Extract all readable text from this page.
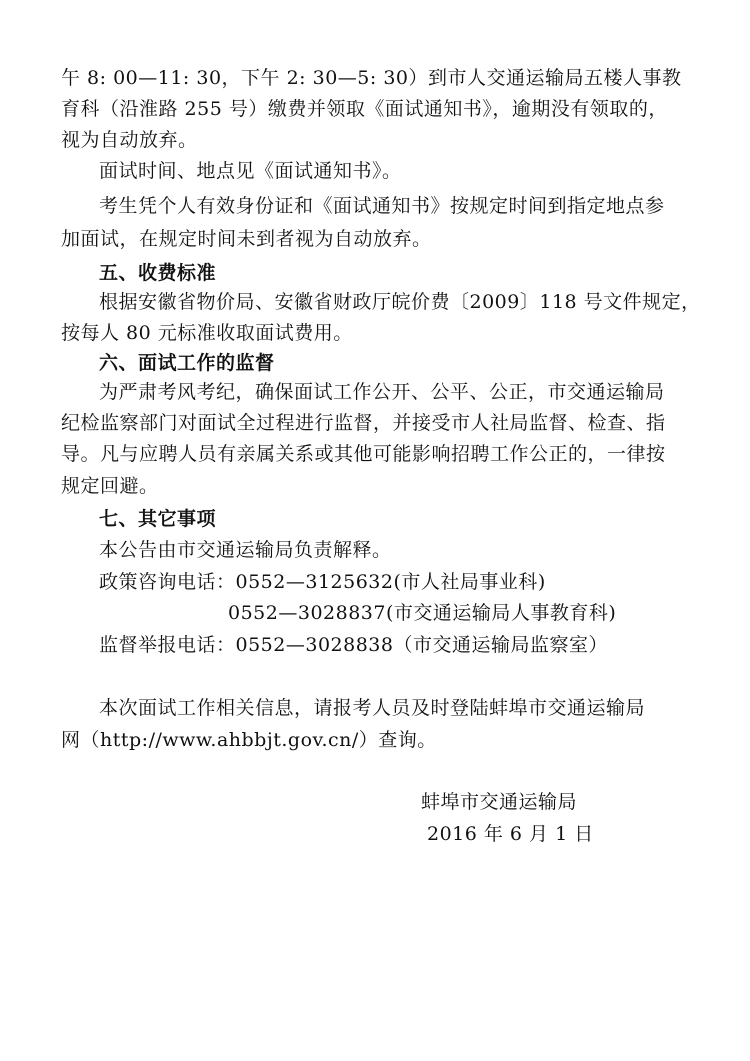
午 8: 00—11: 30，下午 2: 30—5: 30）到市人交通运输局五楼人事教
育科（沿淮路 255 号）缴费并领取《面试通知书》，逾期没有领取的，
视为自动放弃。
面试时间、地点见《面试通知书》。
考生凭个人有效身份证和《面试通知书》按规定时间到指定地点参
加面试，在规定时间未到者视为自动放弃。
五、收费标准
根据安徽省物价局、安徽省财政厅皖价费〔2009〕118 号文件规定，
按每人 80 元标准收取面试费用。
六、面试工作的监督
为严肃考风考纪，确保面试工作公开、公平、公正，市交通运输局
纪检监察部门对面试全过程进行监督，并接受市人社局监督、检查、指
导。凡与应聘人员有亲属关系或其他可能影响招聘工作公正的，一律按
规定回避。
七、其它事项
本公告由市交通运输局负责解释。
政策咨询电话：0552—3125632(市人社局事业科)
0552—3028837(市交通运输局人事教育科)
监督举报电话：0552—3028838（市交通运输局监察室）
本次面试工作相关信息，请报考人员及时登陆蚌埠市交通运输局
网（http://www.ahbbjt.gov.cn/）查询。
蚌埠市交通运输局
2016 年 6 月 1 日
